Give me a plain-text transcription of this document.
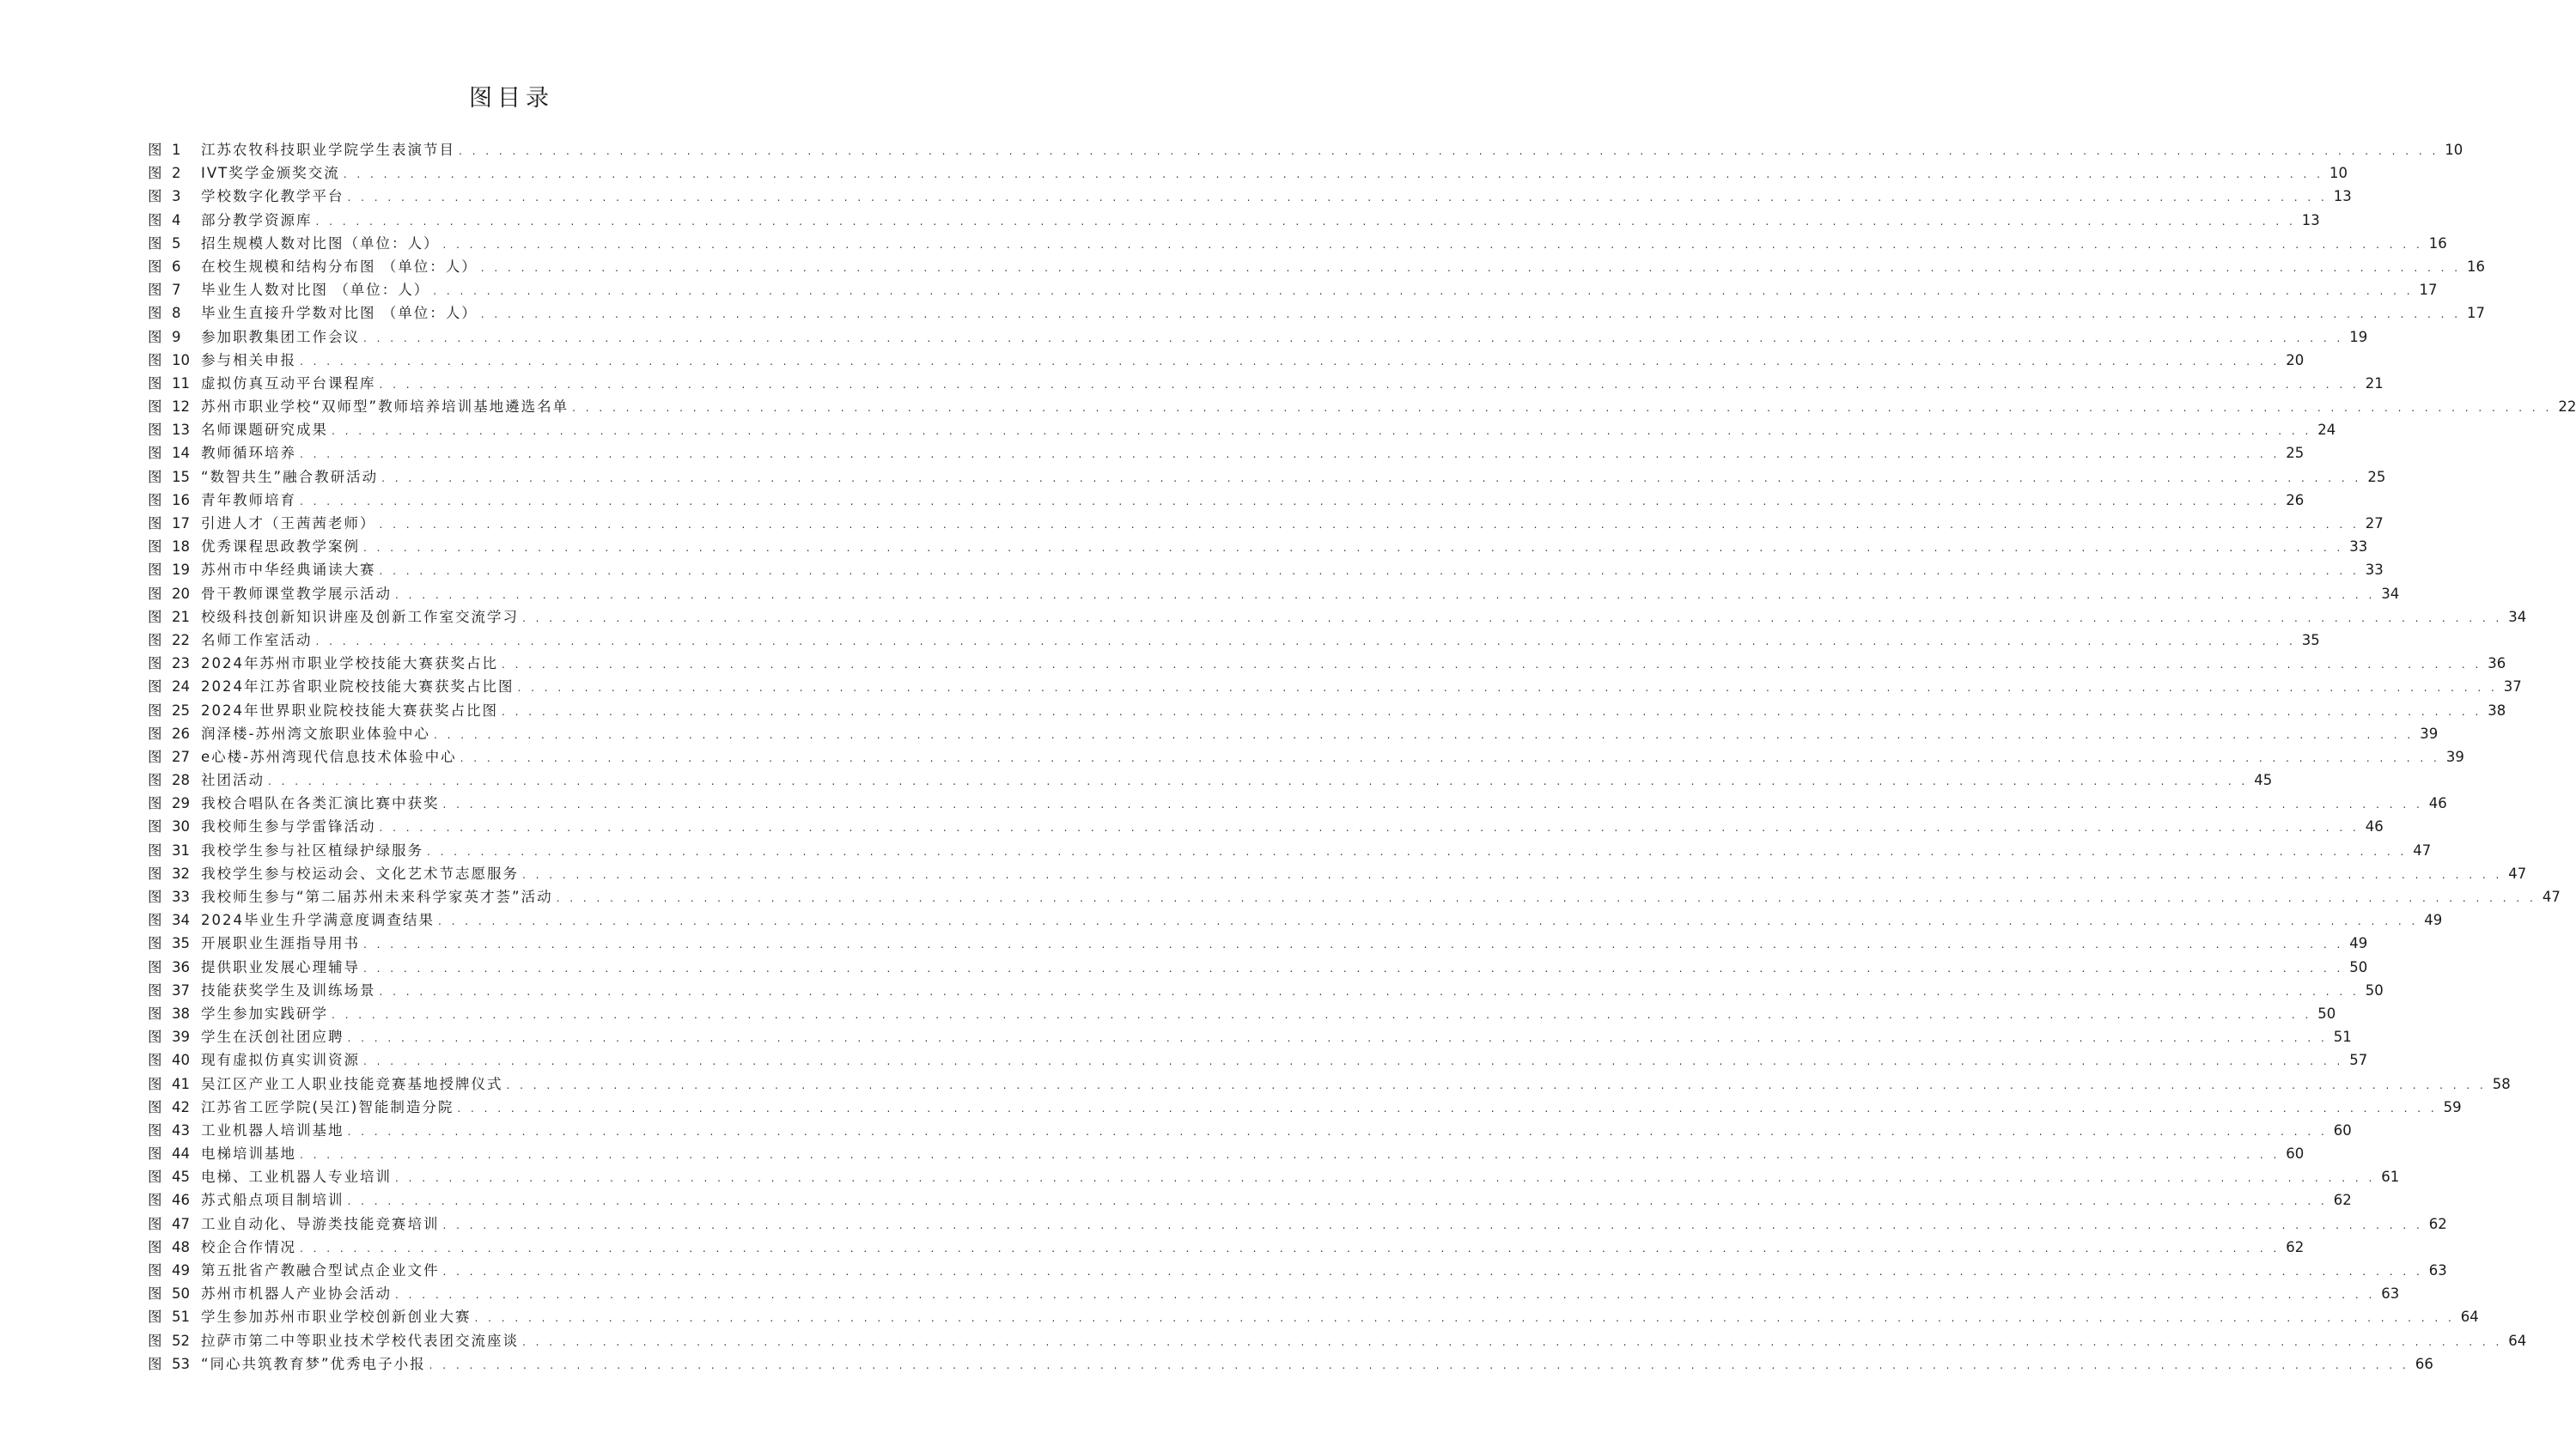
图目录
图 1	江苏农牧科技职业学院学生表演节目 . . .	10
图 2	IVT奖学金颁奖交流 . . .	10
图 3	学校数字化教学平台 . . .	13
图 4	部分教学资源库 . . .	13
图 5	招生规模人数对比图（单位：人） . . .	16
图 6	在校生规模和结构分布图 （单位：人） . . .	16
图 7	毕业生人数对比图 （单位：人） . . .	17
图 8	毕业生直接升学数对比图 （单位：人） . . .	17
图 9	参加职教集团工作会议 . . .	19
图 10 参与相关申报 . . .	20
图 11 虚拟仿真互动平台课程库 . . .	21
图 12 苏州市职业学校“双师型”教师培养培训基地遴选名单 . . .	22
图 13 名师课题研究成果 . . .	24
图 14 教师循环培养 . . .	25
图 15 “数智共生”融合教研活动 . . .	25
图 16 青年教师培育 . . .	26
图 17 引进人才（王茜茜老师） . . .	27
图 18 优秀课程思政教学案例 . . .	33
图 19 苏州市中华经典诵读大赛 . . .	33
图 20 骨干教师课堂教学展示活动 . . .	34
图 21 校级科技创新知识讲座及创新工作室交流学习 . . .	34
图 22 名师工作室活动 . . .	35
图 23 2024年苏州市职业学校技能大赛获奖占比 . . .	36
图 24 2024年江苏省职业院校技能大赛获奖占比图 . . .	37
图 25 2024年世界职业院校技能大赛获奖占比图 . . .	38
图 26 润泽楼-苏州湾文旅职业体验中心 . . .	39
图 27 e心楼-苏州湾现代信息技术体验中心 . . .	39
图 28 社团活动 . . .	45
图 29 我校合唱队在各类汇演比赛中获奖 . . .	46
图 30 我校师生参与学雷锋活动 . . .	46
图 31 我校学生参与社区植绿护绿服务 . . .	47
图 32 我校学生参与校运动会、文化艺术节志愿服务 . . .	47
图 33 我校师生参与“第二届苏州未来科学家英才荟”活动 . . .	47
图 34 2024毕业生升学满意度调查结果 . . .	49
图 35 开展职业生涯指导用书 . . .	49
图 36 提供职业发展心理辅导 . . .	50
图 37 技能获奖学生及训练场景 . . .	50
图 38 学生参加实践研学 . . .	50
图 39 学生在沃创社团应聘 . . .	51
图 40 现有虚拟仿真实训资源 . . .	57
图 41 吴江区产业工人职业技能竞赛基地授牌仪式 . . .	58
图 42 江苏省工匠学院(吴江)智能制造分院 . . .	59
图 43 工业机器人培训基地 . . .	60
图 44 电梯培训基地 . . .	60
图 45 电梯、工业机器人专业培训 . . .	61
图 46 苏式船点项目制培训 . . .	62
图 47 工业自动化、导游类技能竞赛培训 . . .	62
图 48 校企合作情况 . . .	62
图 49 第五批省产教融合型试点企业文件 . . .	63
图 50 苏州市机器人产业协会活动 . . .	63
图 51 学生参加苏州市职业学校创新创业大赛 . . .	64
图 52 拉萨市第二中等职业技术学校代表团交流座谈 . . .	64
图 53 “同心共筑教育梦”优秀电子小报 . . .	66
